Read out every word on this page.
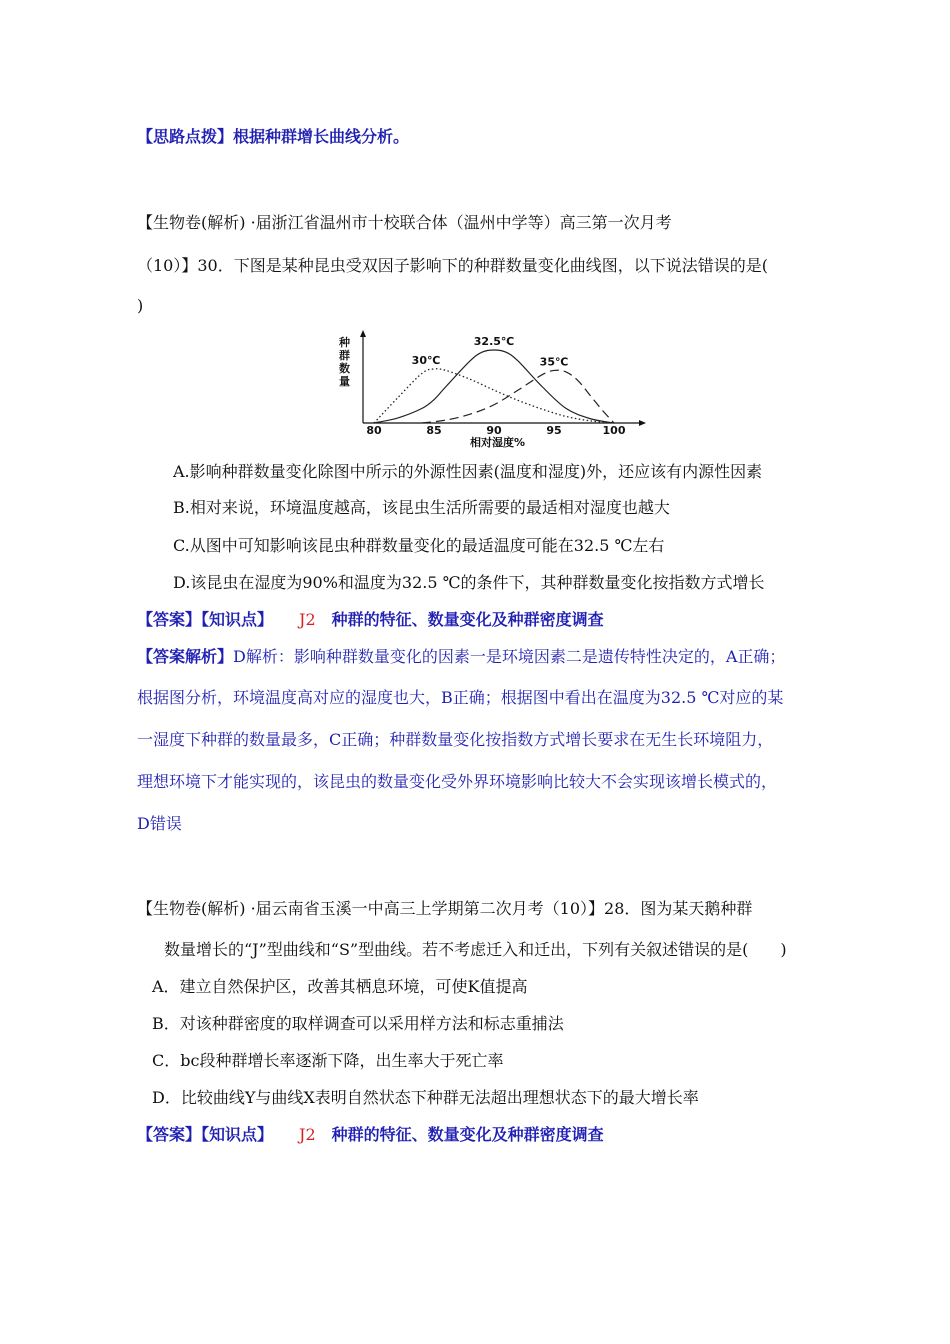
【思路点拨】根据种群增长曲线分析。
【生物卷(解析) ·届浙江省温州市十校联合体（温州中学等）高三第一次月考
（10）】30．下图是某种昆虫受双因子影响下的种群数量变化曲线图，以下说法错误的是(
)
种群数量
80	85	90	95	100
30℃
32.5℃
35℃
相对湿度%
A.影响种群数量变化除图中所示的外源性因素(温度和湿度)外，还应该有内源性因素
B.相对来说，环境温度越高，该昆虫生活所需要的最适相对湿度也越大
C.从图中可知影响该昆虫种群数量变化的最适温度可能在32.5 ℃左右
D.该昆虫在湿度为90%和温度为32.5 ℃的条件下，其种群数量变化按指数方式增长
【答案】【知识点】 J2 种群的特征、数量变化及种群密度调查
【答案解析】D解析：影响种群数量变化的因素一是环境因素二是遗传特性决定的，A正确；
根据图分析，环境温度高对应的湿度也大，B正确；根据图中看出在温度为32.5 ℃对应的某
一湿度下种群的数量最多，C正确；种群数量变化按指数方式增长要求在无生长环境阻力，
理想环境下才能实现的，该昆虫的数量变化受外界环境影响比较大不会实现该增长模式的，
D错误
【生物卷(解析) ·届云南省玉溪一中高三上学期第二次月考（10）】28．图为某天鹅种群
数量增长的“J”型曲线和“S”型曲线。若不考虑迁入和迁出，下列有关叙述错误的是(　　)
A．建立自然保护区，改善其栖息环境，可使K值提高
B．对该种群密度的取样调查可以采用样方法和标志重捕法
C．bc段种群增长率逐渐下降，出生率大于死亡率
D．比较曲线Y与曲线X表明自然状态下种群无法超出理想状态下的最大增长率
【答案】【知识点】 J2 种群的特征、数量变化及种群密度调查
